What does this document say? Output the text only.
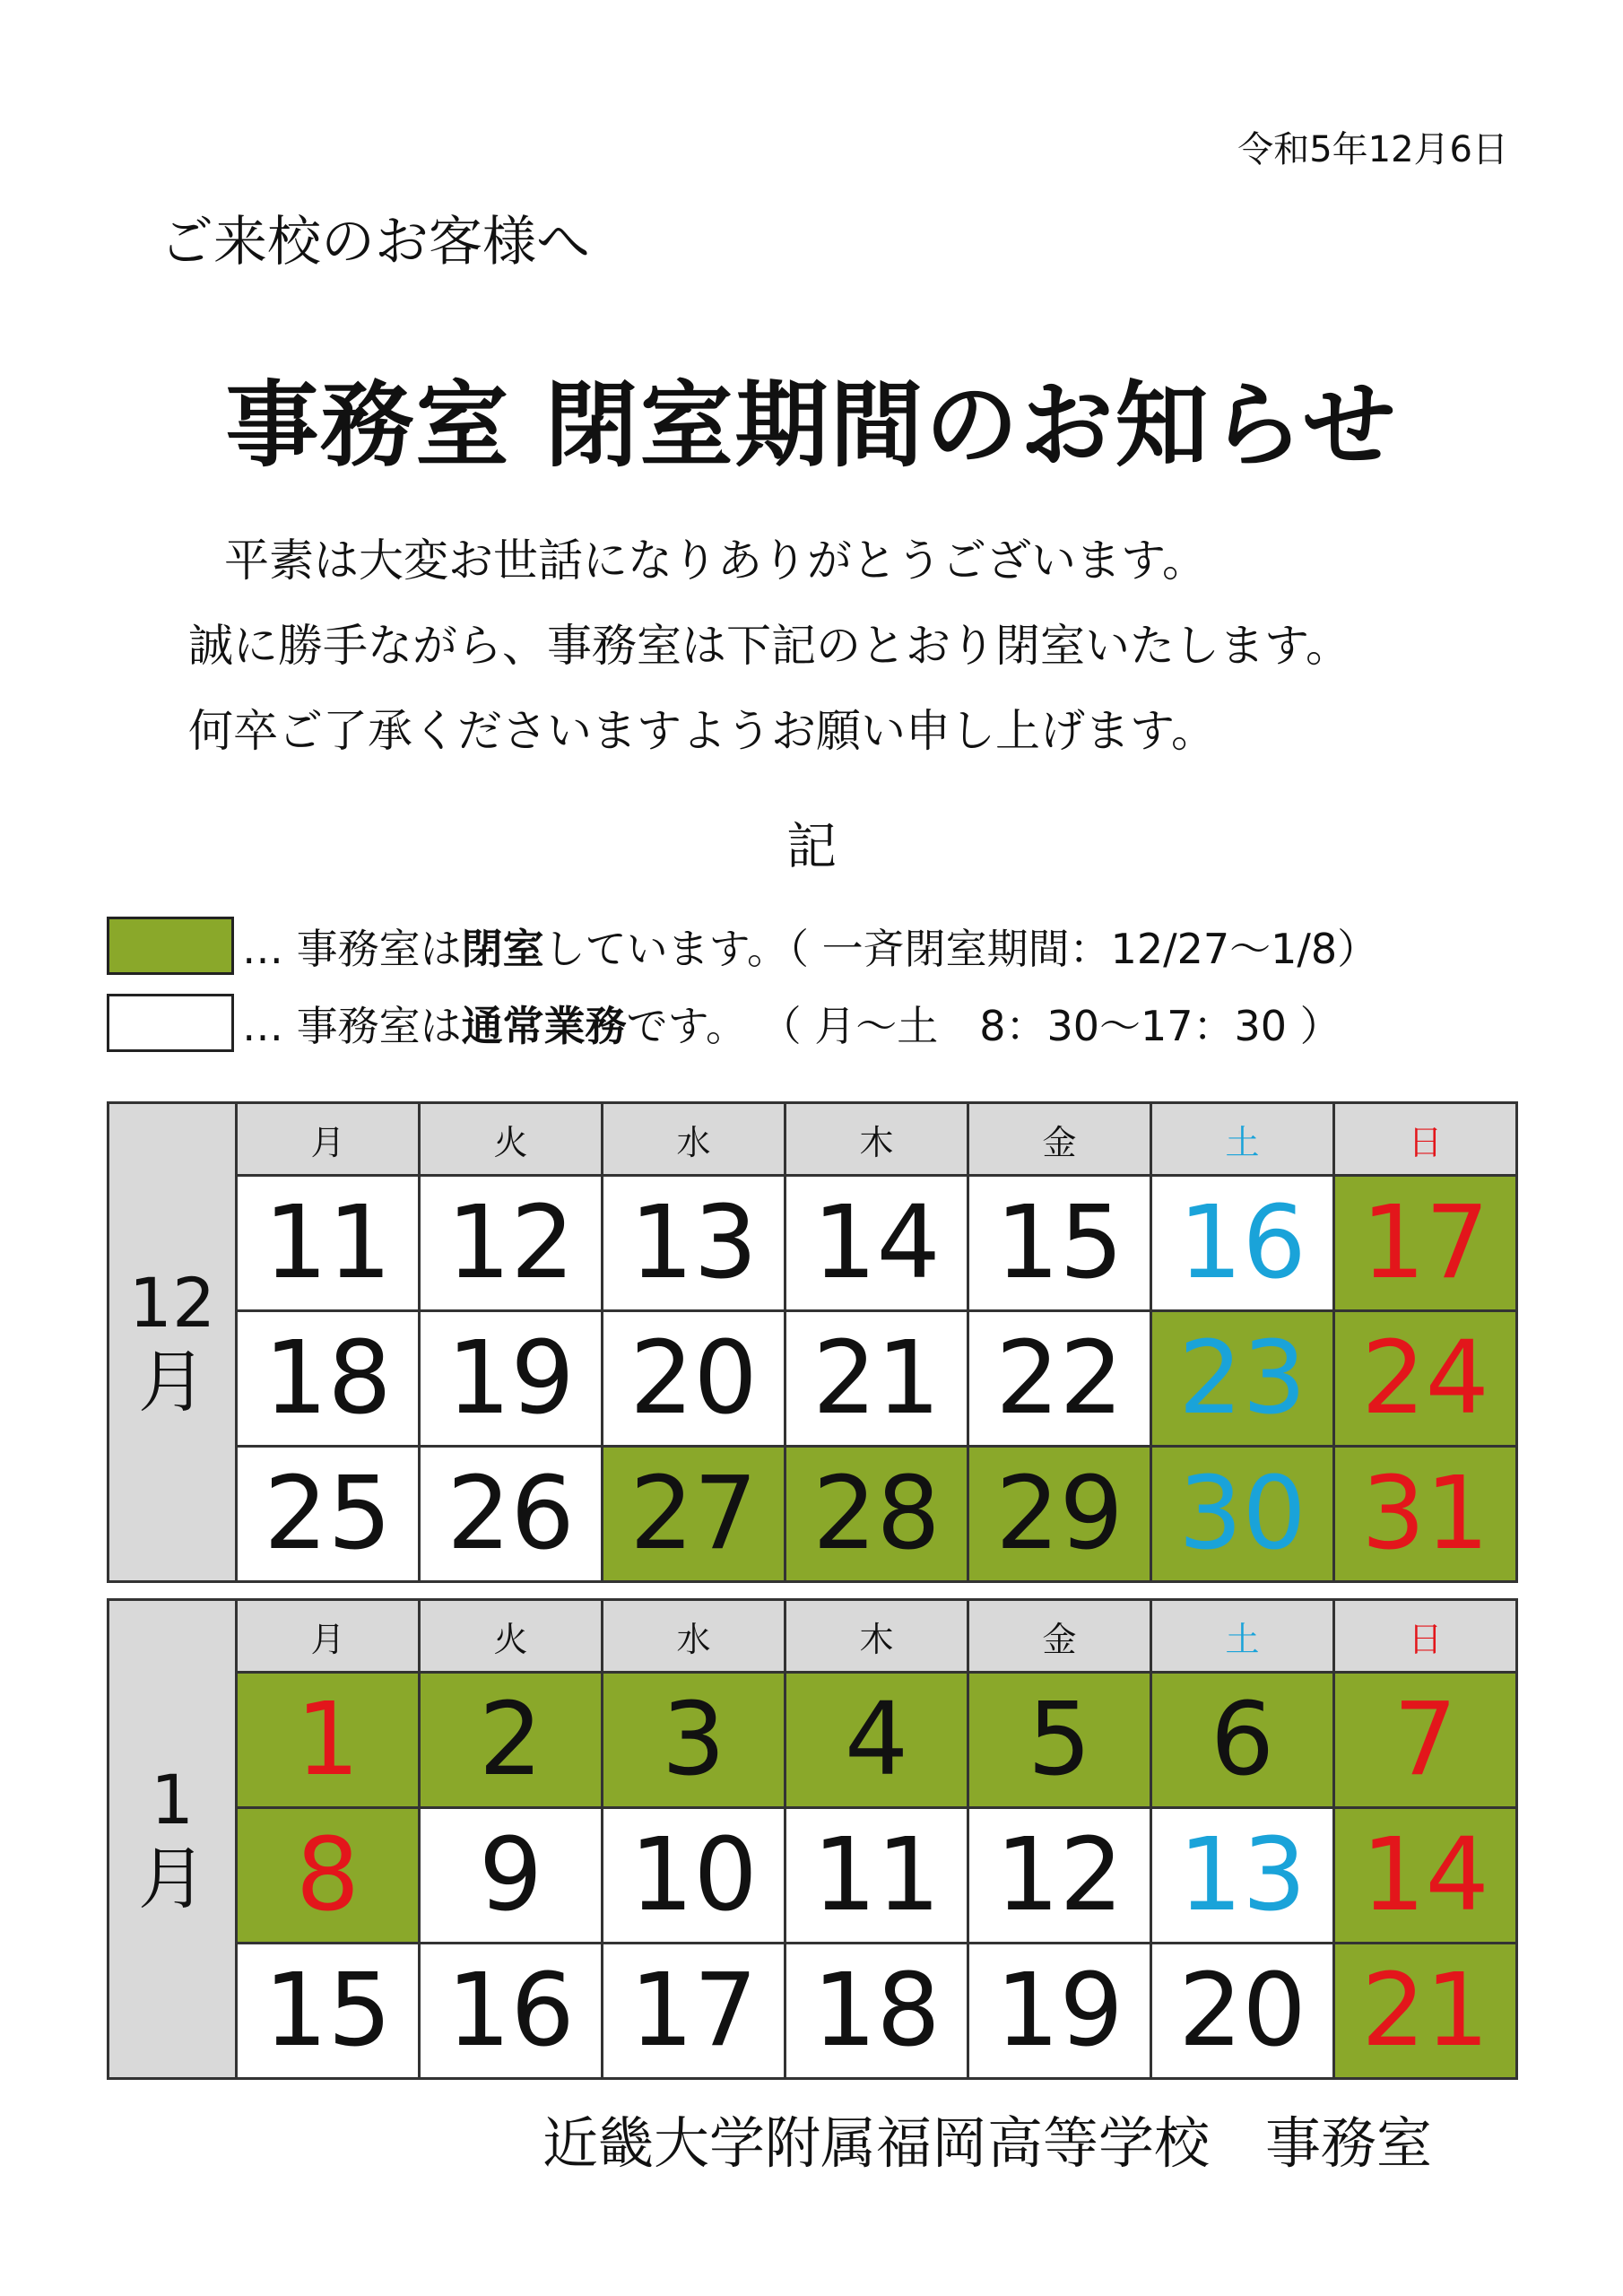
令和5年12月6日
ご来校のお客様へ
事務室 閉室期間のお知らせ
平素は大変お世話になりありがとうございます。
誠に勝手ながら、事務室は下記のとおり閉室いたします。
何卒ご了承くださいますようお願い申し上げます。
記
… 事務室は閉室しています。（ 一斉閉室期間：12/27～1/8）
… 事務室は通常業務です。 （ 月～土　8：30～17：30 ）
12
月	月	火	水	木	金	土	日
	11	12	13	14	15	16	17
	18	19	20	21	22	23	24
	25	26	27	28	29	30	31
1
月	月	火	水	木	金	土	日
	1	2	3	4	5	6	7
	8	9	10	11	12	13	14
	15	16	17	18	19	20	21
近畿大学附属福岡高等学校　事務室
